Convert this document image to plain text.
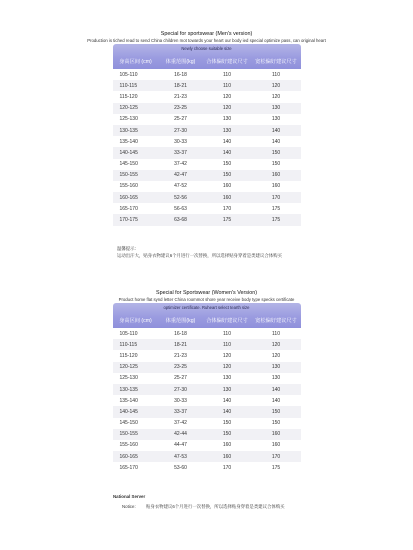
Special for sportswear (Men's version)
Production is tiched read to send China children mot towards your heart our body ied special optimize pass, can original heart
Newly choose suitable size
身高区间 (cm)	体重范围(kg)	合体偏好建议尺寸	宽松偏好建议尺寸
105-110	16-18	110	110
110-115	18-21	110	120
115-120	21-23	120	120
120-125	23-25	120	130
125-130	25-27	130	130
130-135	27-30	130	140
135-140	30-33	140	140
140-145	33-37	140	150
145-150	37-42	150	150
150-155	42-47	150	160
155-160	47-52	160	160
160-165	52-56	160	170
165-170	56-63	170	175
170-175	63-68	175	175
温馨提示:
运动出汗大，贴身衣物建议6个月进行一次替换，所以选择贴身穿着是类建议合体购买
Special for Sportswear (Women's Version)
Product home flat synd letter China roommot shore year receive body type specks certificate
optimizer certificate. Ruheart select tearth size
身高区间 (cm)	体重范围(kg)	合体偏好建议尺寸	宽松偏好建议尺寸
105-110	16-18	110	110
110-115	18-21	110	120
115-120	21-23	120	120
120-125	23-25	120	130
125-130	25-27	130	130
130-135	27-30	130	140
135-140	30-33	140	140
140-145	33-37	140	150
145-150	37-42	150	150
150-155	42-44	150	160
155-160	44-47	160	160
160-165	47-53	160	170
165-170	53-60	170	175
National Server
Notice: 贴身衣物建议6个月进行一次替换，所以选择贴身穿着是类建议合体购买
